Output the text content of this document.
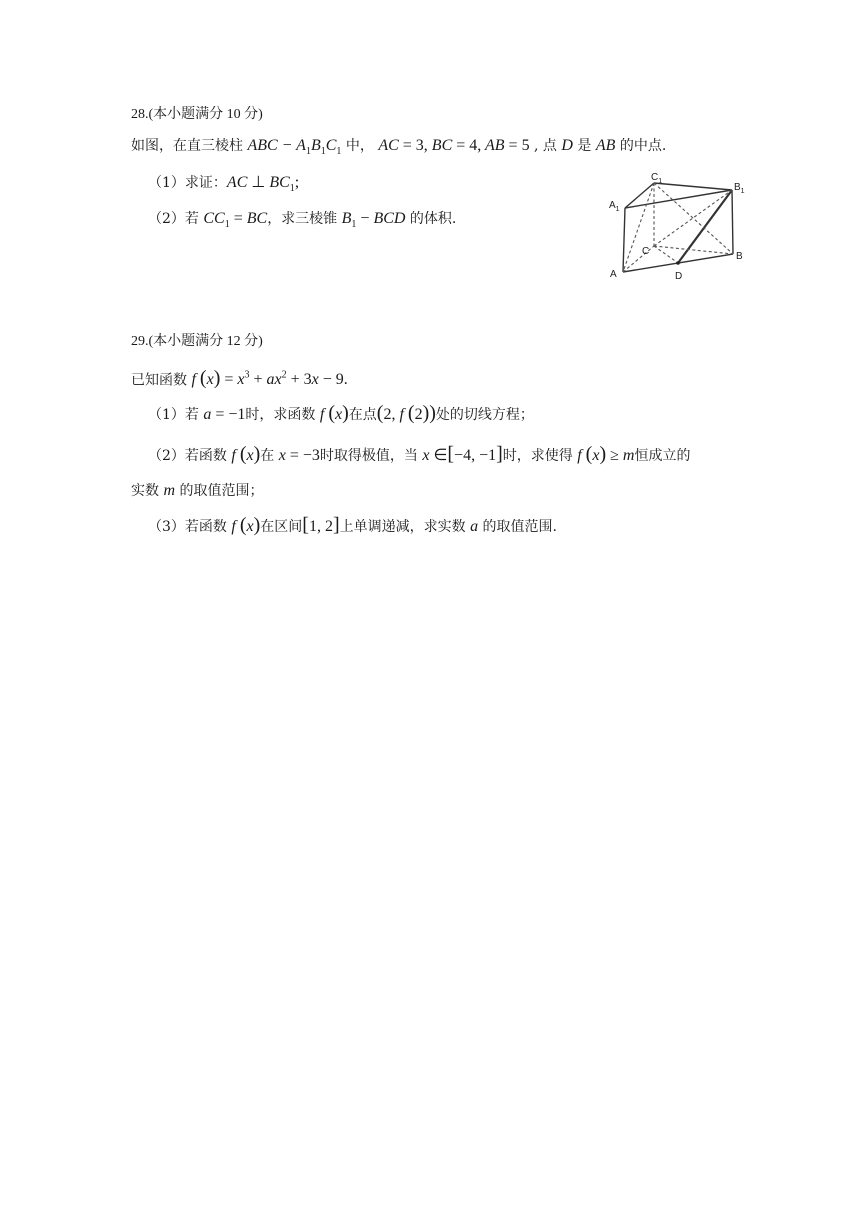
28.(本小题满分 10 分)
如图，在直三棱柱 ABC − $A_1B_1C_1$ 中， AC = 3, BC = 4, AB = 5 , 点 D 是 AB 的中点.
（1）求证：AC ⊥ $BC_1$;
（2）若 $CC_1$ = BC，求三棱锥 $B_1$ − BCD 的体积.
$A_1$
$C_1$
$B_1$
C	B
A	D
29.(本小题满分 12 分)
已知函数 f $(x) = x^3 + ax^2 + 3x - 9$.
（1）若 a = −1时，求函数 f (x)在点(2, f (2))处的切线方程；
（2）若函数 f (x)在 x = −3时取得极值，当 x ∈[−4, −1]时，求使得 f (x) ≥ m恒成立的
实数 m 的取值范围；
（3）若函数 f (x)在区间[1, 2]上单调递减，求实数 a 的取值范围.
